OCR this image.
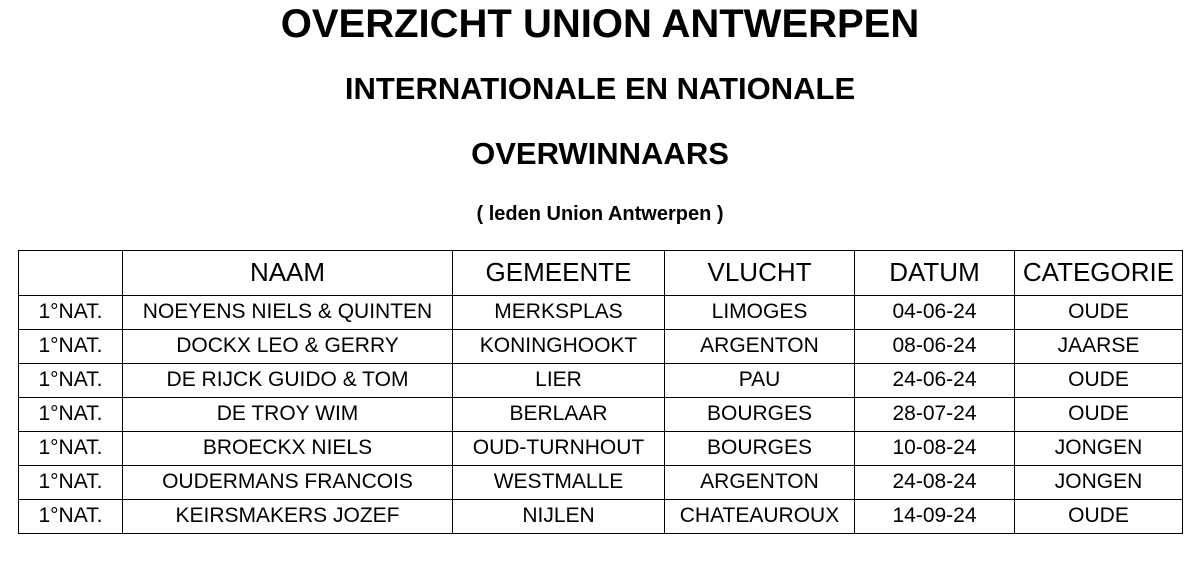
OVERZICHT UNION ANTWERPEN
INTERNATIONALE EN NATIONALE
OVERWINNAARS
( leden Union Antwerpen )
	NAAM	GEMEENTE	VLUCHT	DATUM	CATEGORIE
1°NAT.	NOEYENS NIELS & QUINTEN	MERKSPLAS	LIMOGES	04-06-24	OUDE
1°NAT.	DOCKX LEO & GERRY	KONINGHOOKT	ARGENTON	08-06-24	JAARSE
1°NAT.	DE RIJCK GUIDO & TOM	LIER	PAU	24-06-24	OUDE
1°NAT.	DE TROY WIM	BERLAAR	BOURGES	28-07-24	OUDE
1°NAT.	BROECKX NIELS	OUD-TURNHOUT	BOURGES	10-08-24	JONGEN
1°NAT.	OUDERMANS FRANCOIS	WESTMALLE	ARGENTON	24-08-24	JONGEN
1°NAT.	KEIRSMAKERS JOZEF	NIJLEN	CHATEAUROUX	14-09-24	OUDE
